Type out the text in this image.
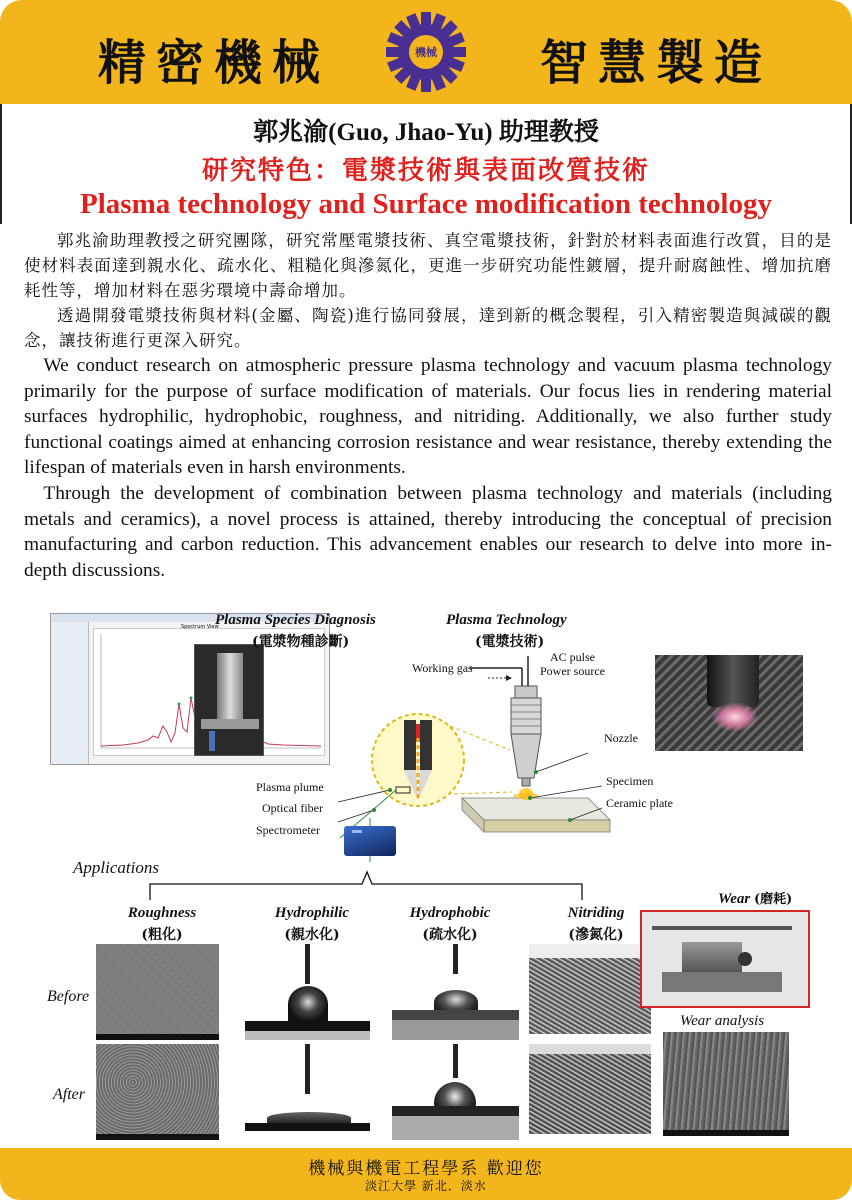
精密機械	機械 智慧製造
郭兆渝(Guo, Jhao-Yu) 助理教授
研究特色：電漿技術與表面改質技術
Plasma technology and Surface modification technology

郭兆渝助理教授之研究團隊，研究常壓電漿技術、真空電漿技術，針對於材料表面進行改質，目的是使材料表面達到親水化、疏水化、粗糙化與滲氮化，更進一步研究功能性鍍層，提升耐腐蝕性、增加抗磨耗性等，增加材料在惡劣環境中壽命增加。

透過開發電漿技術與材料(金屬、陶瓷)進行協同發展，達到新的概念製程，引入精密製造與減碳的觀念，讓技術進行更深入研究。

We conduct research on atmospheric pressure plasma technology and vacuum plasma technology primarily for the purpose of surface modification of materials. Our focus lies in rendering material surfaces hydrophilic, hydrophobic, roughness, and nitriding. Additionally, we also further study functional coatings aimed at enhancing corrosion resistance and wear resistance, thereby extending the lifespan of materials even in harsh environments.

Through the development of combination between plasma technology and materials (including metals and ceramics), a novel process is attained, thereby introducing the conceptual of precision manufacturing and carbon reduction. This advancement enables our research to delve into more in-depth discussions.

Spectrum View
Plasma Species Diagnosis
(電漿物種診斷)
Plasma Technology
(電漿技術)
Working gas
AC pulse
Power source
Nozzle
Specimen
Ceramic plate
Plasma plume
Optical fiber
Spectrometer
Applications
Roughness
(粗化)
Hydrophilic
(親水化)
Hydrophobic
(疏水化)
Nitriding
(滲氮化)
Wear (磨耗)
Before
After
Wear analysis
機械與機電工程學系 歡迎您
淡江大學 新北．淡水
